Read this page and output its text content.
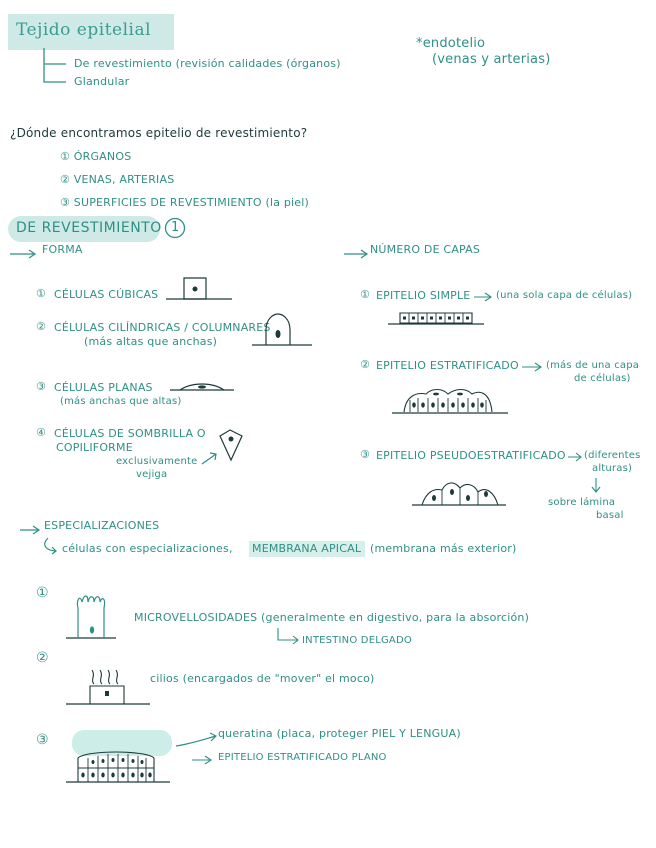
Tejido epitelial
De revestimiento (revisión calidades (órganos)
Glandular
*endotelio
(venas y arterias)
¿Dónde encontramos epitelio de revestimiento?
① ÓRGANOS
② VENAS, ARTERIAS
③ SUPERFICIES DE REVESTIMIENTO (la piel)
DE REVESTIMIENTO 1
FORMA
① CÉLULAS CÚBICAS
② CÉLULAS CILÍNDRICAS / COLUMNARES
(más altas que anchas)
③ CÉLULAS PLANAS
(más anchas que altas)
④ CÉLULAS DE SOMBRILLA O
COPILIFORME
exclusivamente
vejiga
NÚMERO DE CAPAS
① EPITELIO SIMPLE	(una sola capa de células)
② EPITELIO ESTRATIFICADO	(más de una capa
de células)
③ EPITELIO PSEUDOESTRATIFICADO (diferentes
alturas)
sobre lámina
basal
ESPECIALIZACIONES
células con especializaciones, MEMBRANA APICAL (membrana más exterior)
①
MICROVELLOSIDADES (generalmente en digestivo, para la absorción)
INTESTINO DELGADO
②
cilios (encargados de "mover" el moco)
③	queratina (placa, proteger PIEL Y LENGUA)
EPITELIO ESTRATIFICADO PLANO
